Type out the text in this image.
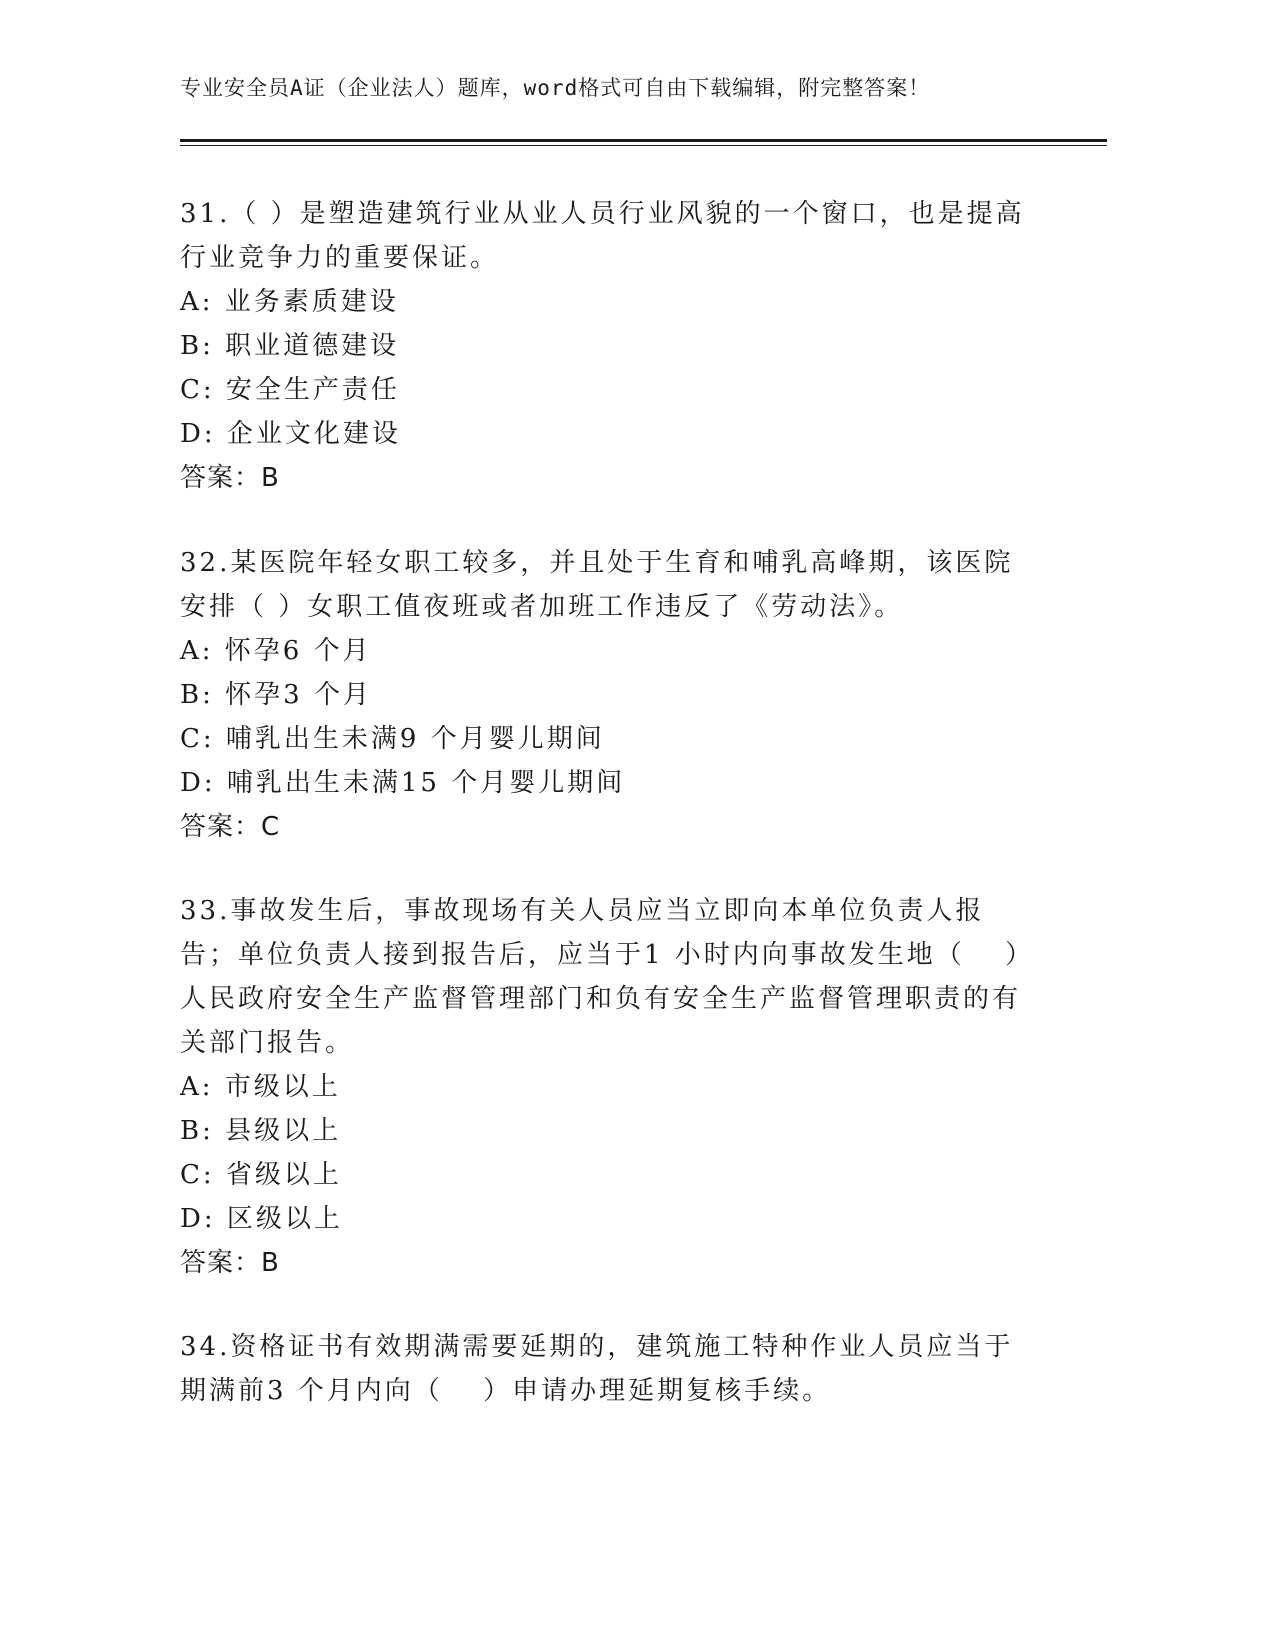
专业安全员A证（企业法人）题库，word格式可自由下载编辑，附完整答案！
31.（ ）是塑造建筑行业从业人员行业风貌的一个窗口，也是提高行业竞争力的重要保证。
A: 业务素质建设
B: 职业道德建设
C: 安全生产责任
D: 企业文化建设
答案：B
32.某医院年轻女职工较多，并且处于生育和哺乳高峰期，该医院安排（ ）女职工值夜班或者加班工作违反了《劳动法》。
A: 怀孕6 个月
B: 怀孕3 个月
C: 哺乳出生未满9 个月婴儿期间
D: 哺乳出生未满15 个月婴儿期间
答案：C
33.事故发生后，事故现场有关人员应当立即向本单位负责人报告；单位负责人接到报告后，应当于1 小时内向事故发生地（　 ）人民政府安全生产监督管理部门和负有安全生产监督管理职责的有关部门报告。
A: 市级以上
B: 县级以上
C: 省级以上
D: 区级以上
答案：B
34.资格证书有效期满需要延期的，建筑施工特种作业人员应当于期满前3 个月内向（　 ）申请办理延期复核手续。
